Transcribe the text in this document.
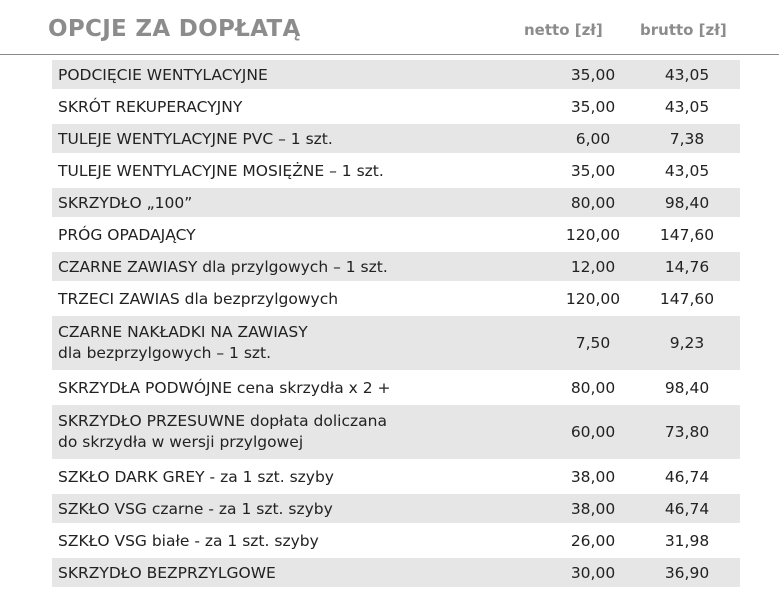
OPCJE ZA DOPŁATĄ	netto [zł] brutto [zł]
PODCIĘCIE WENTYLACYJNE	35,00	43,05
SKRÓT REKUPERACYJNY	35,00	43,05
TULEJE WENTYLACYJNE PVC – 1 szt.	6,00	7,38
TULEJE WENTYLACYJNE MOSIĘŻNE – 1 szt.	35,00	43,05
SKRZYDŁO „100”	80,00	98,40
PRÓG OPADAJĄCY	120,00	147,60
CZARNE ZAWIASY dla przylgowych – 1 szt.	12,00	14,76
TRZECI ZAWIAS dla bezprzylgowych	120,00	147,60
CZARNE NAKŁADKI NA ZAWIASY
dla bezprzylgowych – 1 szt.
7,50	9,23
SKRZYDŁA PODWÓJNE cena skrzydła x 2 +	80,00	98,40
SKRZYDŁO PRZESUWNE dopłata doliczana
do skrzydła w wersji przylgowej
60,00	73,80
SZKŁO DARK GREY - za 1 szt. szyby	38,00	46,74
SZKŁO VSG czarne - za 1 szt. szyby	38,00	46,74
SZKŁO VSG białe - za 1 szt. szyby	26,00	31,98
SKRZYDŁO BEZPRZYLGOWE	30,00	36,90
